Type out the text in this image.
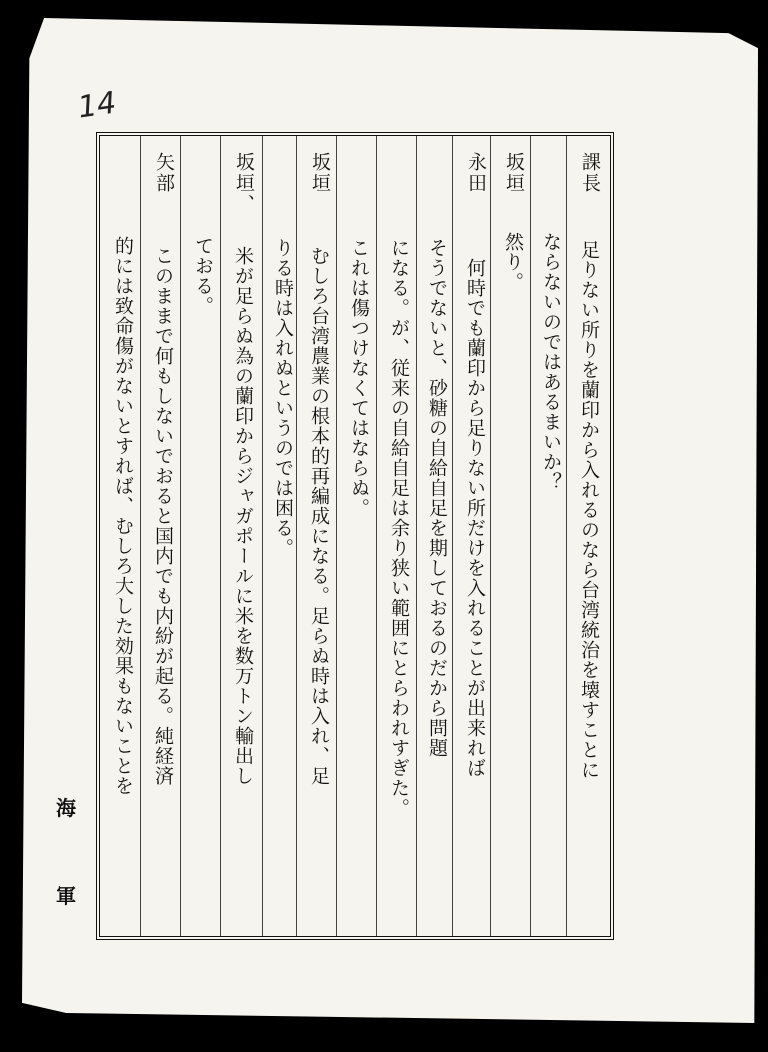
14
課長
足りない所りを蘭印から入れるのなら台湾統治を壊すことに
ならないのではあるまいか？
坂垣
然り。
永田
何時でも蘭印から足りない所だけを入れることが出来れば
そうでないと、砂糖の自給自足を期しておるのだから問題
になる。が、従来の自給自足は余り狭い範囲にとらわれすぎた。
これは傷つけなくてはならぬ。
坂垣
むしろ台湾農業の根本的再編成になる。足らぬ時は入れ、足
りる時は入れぬというのでは困る。
坂垣、
米が足らぬ為の蘭印からジャガポールに米を数万トン輸出し
ておる。
矢部
このままで何もしないでおると国内でも内紛が起る。純経済
的には致命傷がないとすれば、むしろ大した効果もないことを
海
軍
